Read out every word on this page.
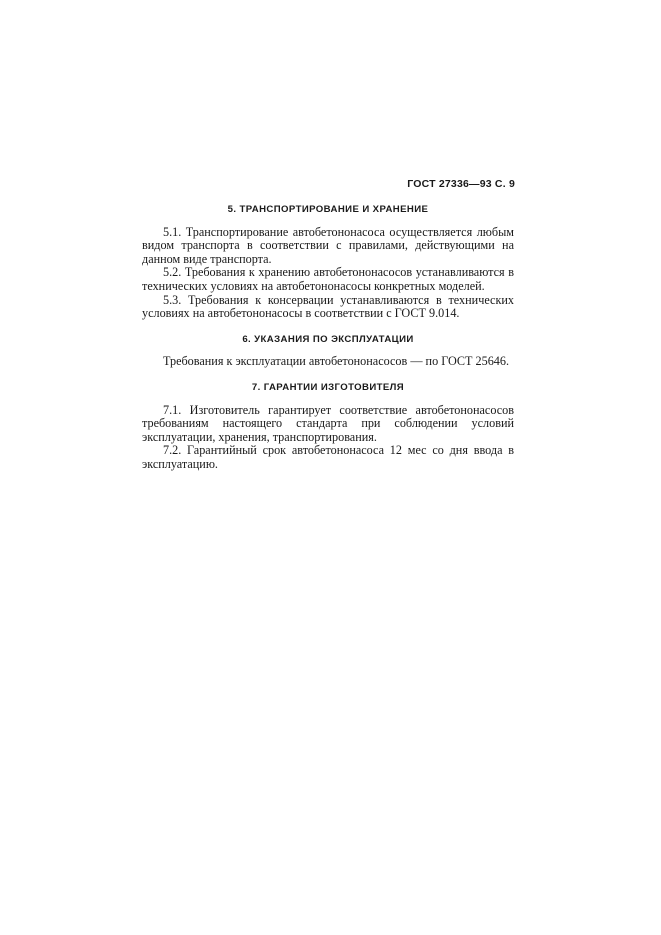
ГОСТ 27336—93 С. 9
5. ТРАНСПОРТИРОВАНИЕ И ХРАНЕНИЕ

5.1. Транспортирование автобетононасоса осуществляется любым видом транспорта в соответствии с правилами, действующими на данном виде транспорта.

5.2. Требования к хранению автобетононасосов устанавливаются в технических условиях на автобетононасосы конкретных моделей.

5.3. Требования к консервации устанавливаются в технических условиях на автобетононасосы в соответствии с ГОСТ 9.014.

6. УКАЗАНИЯ ПО ЭКСПЛУАТАЦИИ

Требования к эксплуатации автобетононасосов — по ГОСТ 25646.

7. ГАРАНТИИ ИЗГОТОВИТЕЛЯ

7.1. Изготовитель гарантирует соответствие автобетононасосов требованиям настоящего стандарта при соблюдении условий эксплуатации, хранения, транспортирования.

7.2. Гарантийный срок автобетононасоса 12 мес со дня ввода в эксплуатацию.
